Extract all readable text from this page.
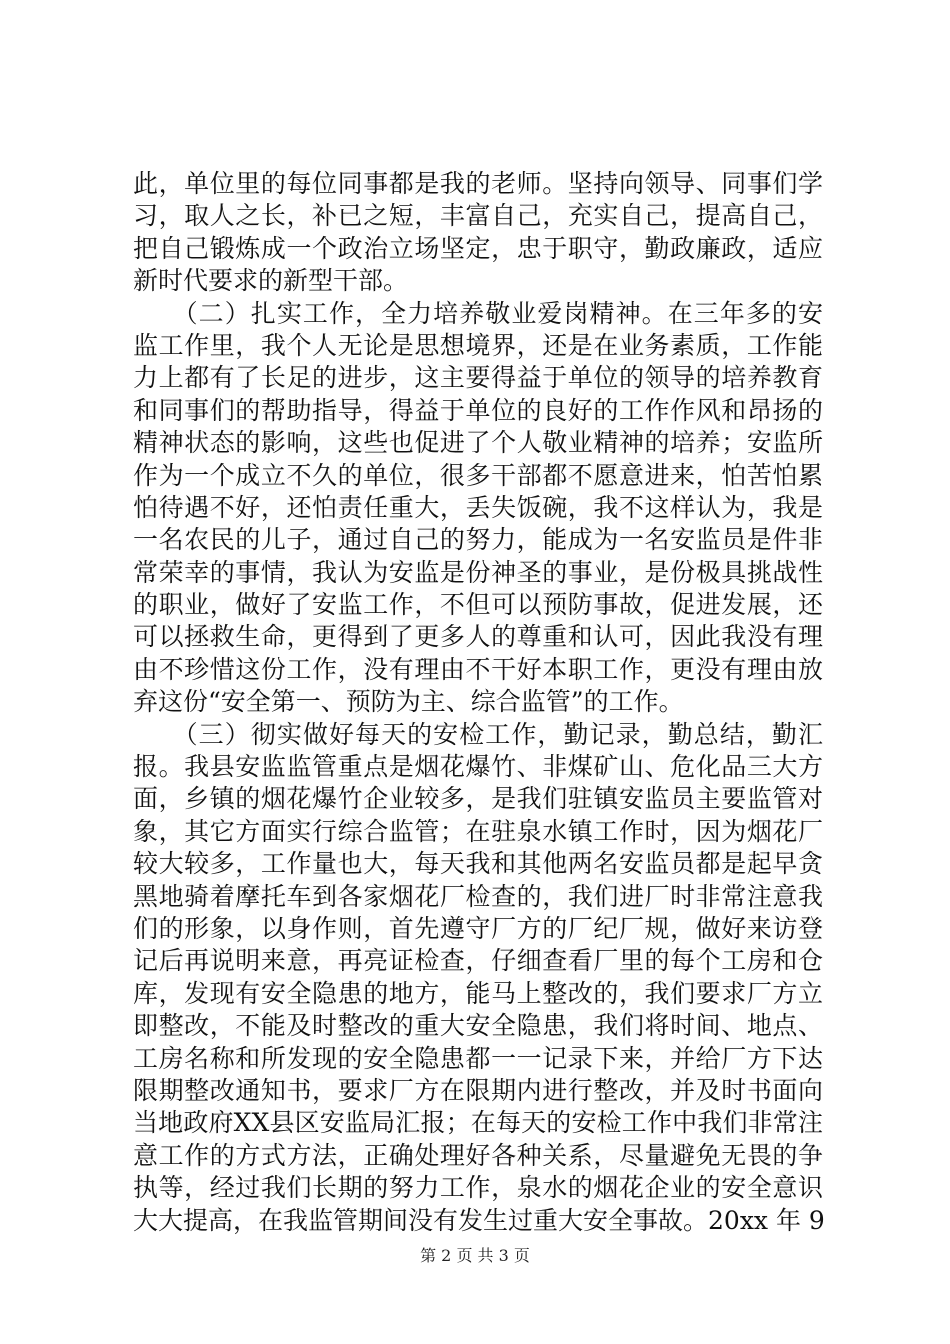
此，单位里的每位同事都是我的老师。坚持向领导、同事们学
习，取人之长，补已之短，丰富自己，充实自己，提高自己，
把自己锻炼成一个政治立场坚定，忠于职守，勤政廉政，适应
新时代要求的新型干部。
　　（二）扎实工作，全力培养敬业爱岗精神。在三年多的安
监工作里，我个人无论是思想境界，还是在业务素质，工作能
力上都有了长足的进步，这主要得益于单位的领导的培养教育
和同事们的帮助指导，得益于单位的良好的工作作风和昂扬的
精神状态的影响，这些也促进了个人敬业精神的培养；安监所
作为一个成立不久的单位，很多干部都不愿意进来，怕苦怕累
怕待遇不好，还怕责任重大，丢失饭碗，我不这样认为，我是
一名农民的儿子，通过自己的努力，能成为一名安监员是件非
常荣幸的事情，我认为安监是份神圣的事业，是份极具挑战性
的职业，做好了安监工作，不但可以预防事故，促进发展，还
可以拯救生命，更得到了更多人的尊重和认可，因此我没有理
由不珍惜这份工作，没有理由不干好本职工作，更没有理由放
弃这份“安全第一、预防为主、综合监管”的工作。
　　（三）彻实做好每天的安检工作，勤记录，勤总结，勤汇
报。我县安监监管重点是烟花爆竹、非煤矿山、危化品三大方
面，乡镇的烟花爆竹企业较多，是我们驻镇安监员主要监管对
象，其它方面实行综合监管；在驻泉水镇工作时，因为烟花厂
较大较多，工作量也大，每天我和其他两名安监员都是起早贪
黑地骑着摩托车到各家烟花厂检查的，我们进厂时非常注意我
们的形象，以身作则，首先遵守厂方的厂纪厂规，做好来访登
记后再说明来意，再亮证检查，仔细查看厂里的每个工房和仓
库，发现有安全隐患的地方，能马上整改的，我们要求厂方立
即整改，不能及时整改的重大安全隐患，我们将时间、地点、
工房名称和所发现的安全隐患都一一记录下来，并给厂方下达
限期整改通知书，要求厂方在限期内进行整改，并及时书面向
当地政府XX县区安监局汇报；在每天的安检工作中我们非常注
意工作的方式方法，正确处理好各种关系，尽量避免无畏的争
执等，经过我们长期的努力工作，泉水的烟花企业的安全意识
大大提高，在我监管期间没有发生过重大安全事故。20xx 年 9
第 2 页 共 3 页
